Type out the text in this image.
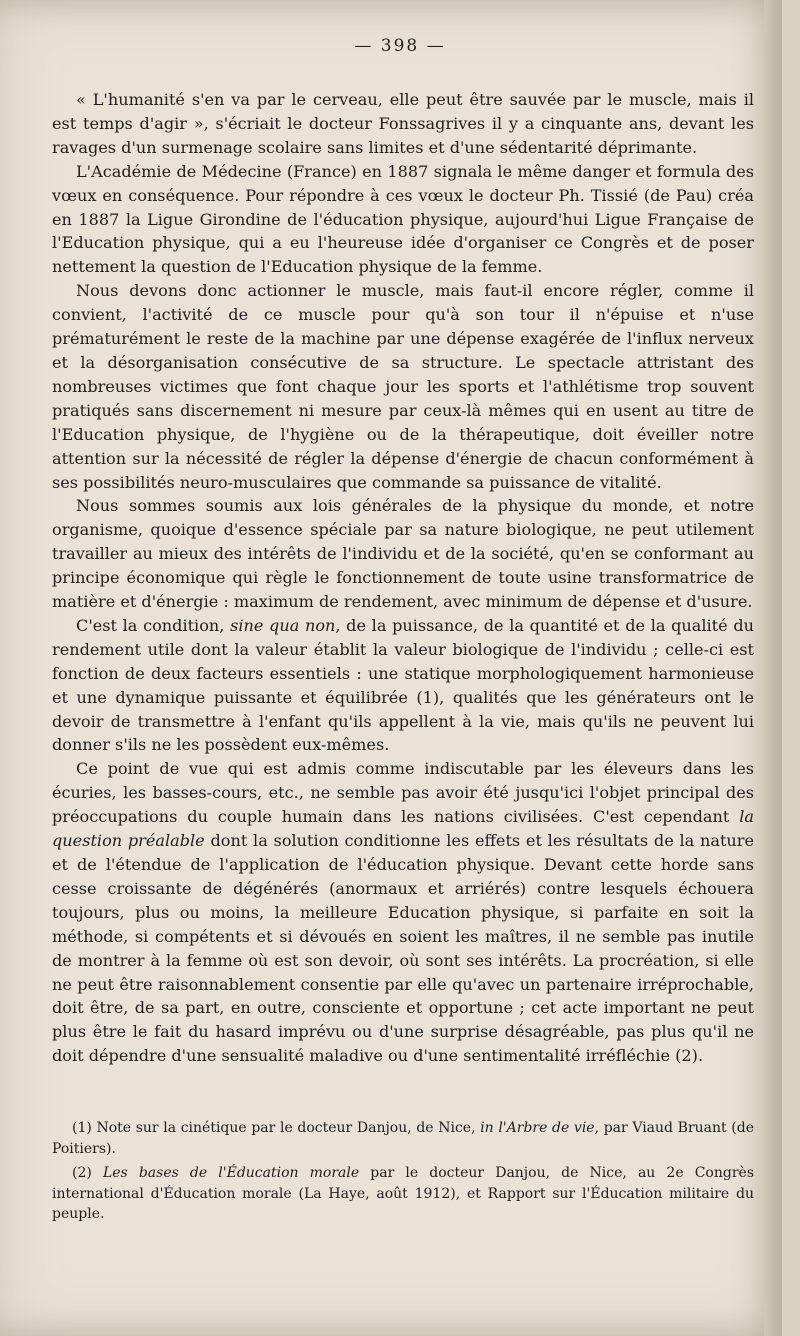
— 398 —

« L'humanité s'en va par le cerveau, elle peut être sauvée par le muscle, mais il est temps d'agir », s'écriait le docteur Fonssagrives il y a cinquante ans, devant les ravages d'un surmenage scolaire sans limites et d'une sédentarité déprimante.

L'Académie de Médecine (France) en 1887 signala le même danger et formula des vœux en conséquence. Pour répondre à ces vœux le docteur Ph. Tissié (de Pau) créa en 1887 la Ligue Girondine de l'éducation physique, aujourd'hui Ligue Française de l'Education physique, qui a eu l'heureuse idée d'organiser ce Congrès et de poser nettement la question de l'Education physique de la femme.

Nous devons donc actionner le muscle, mais faut-il encore régler, comme il convient, l'activité de ce muscle pour qu'à son tour il n'épuise et n'use prématurément le reste de la machine par une dépense exagérée de l'influx nerveux et la désorganisation consécutive de sa structure. Le spectacle attristant des nombreuses victimes que font chaque jour les sports et l'athlétisme trop souvent pratiqués sans discernement ni mesure par ceux-là mêmes qui en usent au titre de l'Education physique, de l'hygiène ou de la thérapeutique, doit éveiller notre attention sur la nécessité de régler la dépense d'énergie de chacun conformément à ses possibilités neuro-musculaires que commande sa puissance de vitalité.

Nous sommes soumis aux lois générales de la physique du monde, et notre organisme, quoique d'essence spéciale par sa nature biologique, ne peut utilement travailler au mieux des intérêts de l'individu et de la société, qu'en se conformant au principe économique qui règle le fonctionnement de toute usine transformatrice de matière et d'énergie : maximum de rendement, avec minimum de dépense et d'usure.

C'est la condition, sine qua non, de la puissance, de la quantité et de la qualité du rendement utile dont la valeur établit la valeur biologique de l'individu ; celle-ci est fonction de deux facteurs essentiels : une statique morphologiquement harmonieuse et une dynamique puissante et équilibrée (1), qualités que les générateurs ont le devoir de transmettre à l'enfant qu'ils appellent à la vie, mais qu'ils ne peuvent lui donner s'ils ne les possèdent eux-mêmes.

Ce point de vue qui est admis comme indiscutable par les éleveurs dans les écuries, les basses-cours, etc., ne semble pas avoir été jusqu'ici l'objet principal des préoccupations du couple humain dans les nations civilisées. C'est cependant la question préalable dont la solution conditionne les effets et les résultats de la nature et de l'étendue de l'application de l'éducation physique. Devant cette horde sans cesse croissante de dégénérés (anormaux et arriérés) contre lesquels échouera toujours, plus ou moins, la meilleure Education physique, si parfaite en soit la méthode, si compétents et si dévoués en soient les maîtres, il ne semble pas inutile de montrer à la femme où est son devoir, où sont ses intérêts. La procréation, si elle ne peut être raisonnablement consentie par elle qu'avec un partenaire irréprochable, doit être, de sa part, en outre, consciente et opportune ; cet acte important ne peut plus être le fait du hasard imprévu ou d'une surprise désagréable, pas plus qu'il ne doit dépendre d'une sensualité maladive ou d'une sentimentalité irréfléchie (2).

(1) Note sur la cinétique par le docteur Danjou, de Nice, in l'Arbre de vie, par Viaud Bruant (de Poitiers).

(2) Les bases de l'Éducation morale par le docteur Danjou, de Nice, au 2e Congrès international d'Éducation morale (La Haye, août 1912), et Rapport sur l'Éducation militaire du peuple.
